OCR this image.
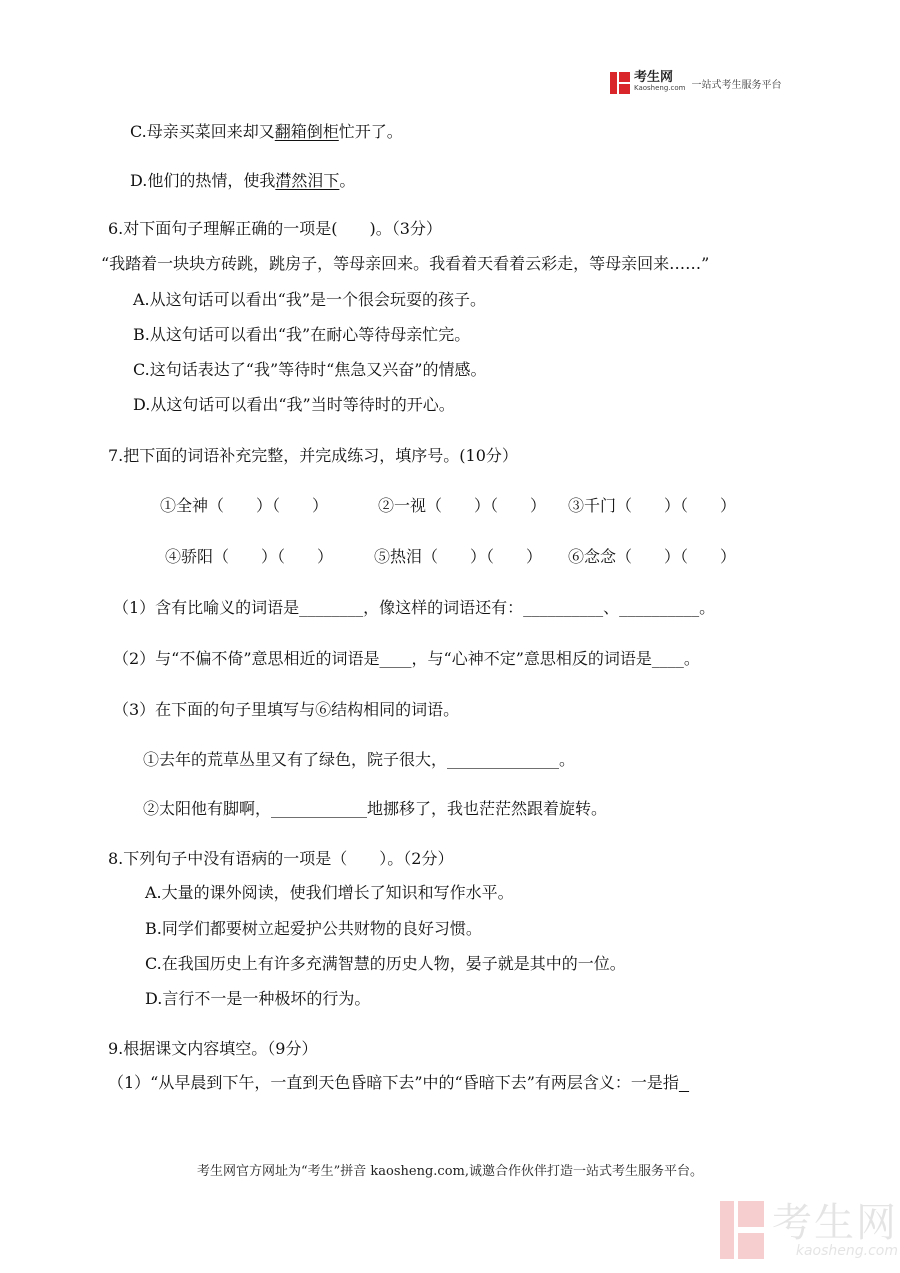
考生网
Kaosheng.com 一站式考生服务平台
C.母亲买菜回来却又翻箱倒柜忙开了。
D.他们的热情，使我潸然泪下。
6.对下面句子理解正确的一项是(　　)。（3分）
“我踏着一块块方砖跳，跳房子，等母亲回来。我看着天看着云彩走，等母亲回来……”
A.从这句话可以看出“我”是一个很会玩耍的孩子。
B.从这句话可以看出“我”在耐心等待母亲忙完。
C.这句话表达了“我”等待时“焦急又兴奋”的情感。
D.从这句话可以看出“我”当时等待时的开心。
7.把下面的词语补充完整，并完成练习，填序号。(10分）
①全神（　　）（　　）	②一视（　　）（　　） ③千门（　　）（　　）
④骄阳（　　）（　　）	⑤热泪（　　）（　　） ⑥念念（　　）（　　）
（1）含有比喻义的词语是________，像这样的词语还有：__________、__________。
（2）与“不偏不倚”意思相近的词语是____，与“心神不定”意思相反的词语是____。
（3）在下面的句子里填写与⑥结构相同的词语。
①去年的荒草丛里又有了绿色，院子很大，______________。
②太阳他有脚啊，____________地挪移了，我也茫茫然跟着旋转。
8.下列句子中没有语病的一项是（　　）。（2分）
A.大量的课外阅读，使我们增长了知识和写作水平。
B.同学们都要树立起爱护公共财物的良好习惯。
C.在我国历史上有许多充满智慧的历史人物，晏子就是其中的一位。
D.言行不一是一种极坏的行为。
9.根据课文内容填空。（9分）
（1）“从早晨到下午，一直到天色昏暗下去”中的“昏暗下去”有两层含义：一是指
考生网官方网址为“考生”拼音 kaosheng.com,诚邀合作伙伴打造一站式考生服务平台。
考生网
kaosheng.com
